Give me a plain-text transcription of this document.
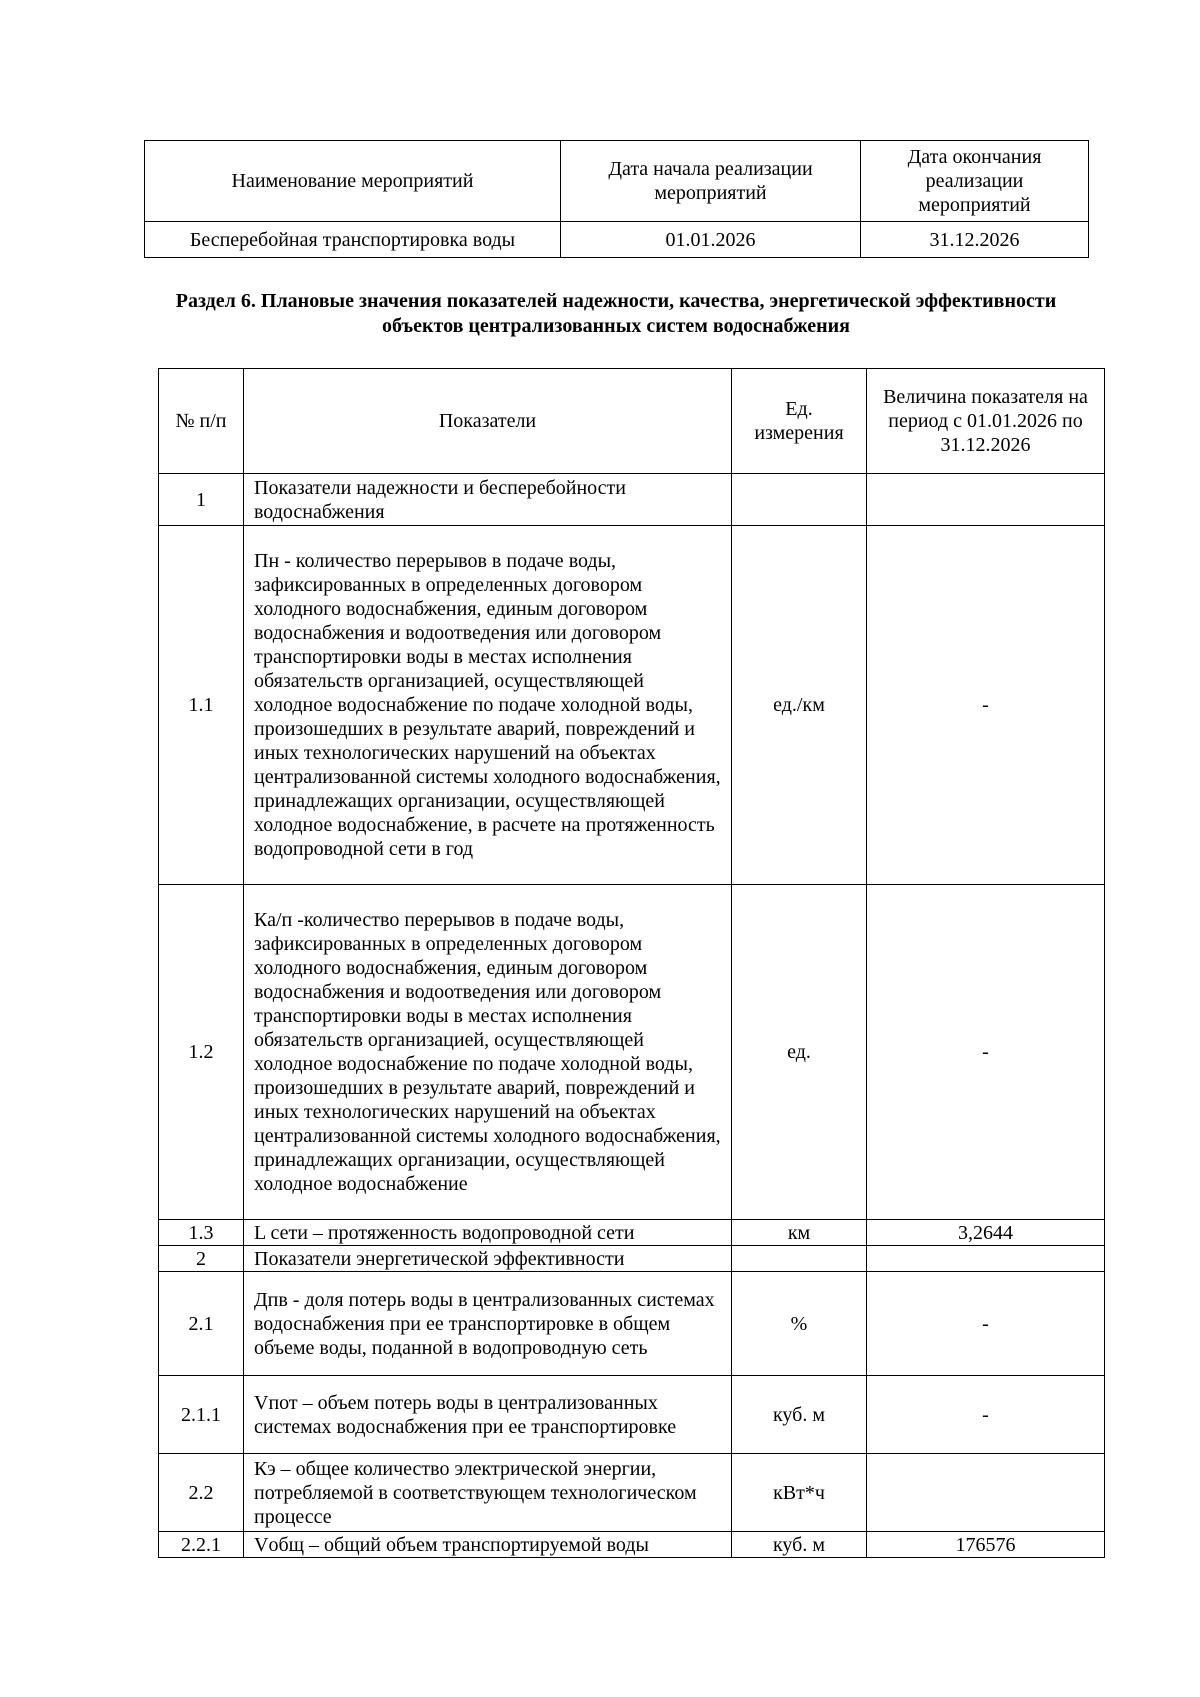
Наименование мероприятий	Дата начала реализации мероприятий	Дата окончания реализации мероприятий
Бесперебойная транспортировка воды	01.01.2026	31.12.2026
Раздел 6. Плановые значения показателей надежности, качества, энергетической эффективности
объектов централизованных систем водоснабжения
№ п/п	Показатели	Ед. измерения	Величина показателя на период с 01.01.2026 по 31.12.2026
1	Показатели надежности и бесперебойности водоснабжения		
1.1	Пн - количество перерывов в подаче воды, зафиксированных в определенных договором холодного водоснабжения, единым договором водоснабжения и водоотведения или договором транспортировки воды в местах исполнения обязательств организацией, осуществляющей холодное водоснабжение по подаче холодной воды, произошедших в результате аварий, повреждений и иных технологических нарушений на объектах централизованной системы холодного водоснабжения, принадлежащих организации, осуществляющей холодное водоснабжение, в расчете на протяженность водопроводной сети в год	ед./км	-
1.2	Ка/п -количество перерывов в подаче воды, зафиксированных в определенных договором холодного водоснабжения, единым договором водоснабжения и водоотведения или договором транспортировки воды в местах исполнения обязательств организацией, осуществляющей холодное водоснабжение по подаче холодной воды, произошедших в результате аварий, повреждений и иных технологических нарушений на объектах централизованной системы холодного водоснабжения, принадлежащих организации, осуществляющей холодное водоснабжение	ед.	-
1.3	L сети – протяженность водопроводной сети	км	3,2644
2	Показатели энергетической эффективности		
2.1	Дпв - доля потерь воды в централизованных системах водоснабжения при ее транспортировке в общем объеме воды, поданной в водопроводную сеть	%	-
2.1.1	Vпот – объем потерь воды в централизованных системах водоснабжения при ее транспортировке	куб. м	-
2.2	Кэ – общее количество электрической энергии, потребляемой в соответствующем технологическом процессе	кВт*ч	
2.2.1	Vобщ – общий объем транспортируемой воды	куб. м	176576
